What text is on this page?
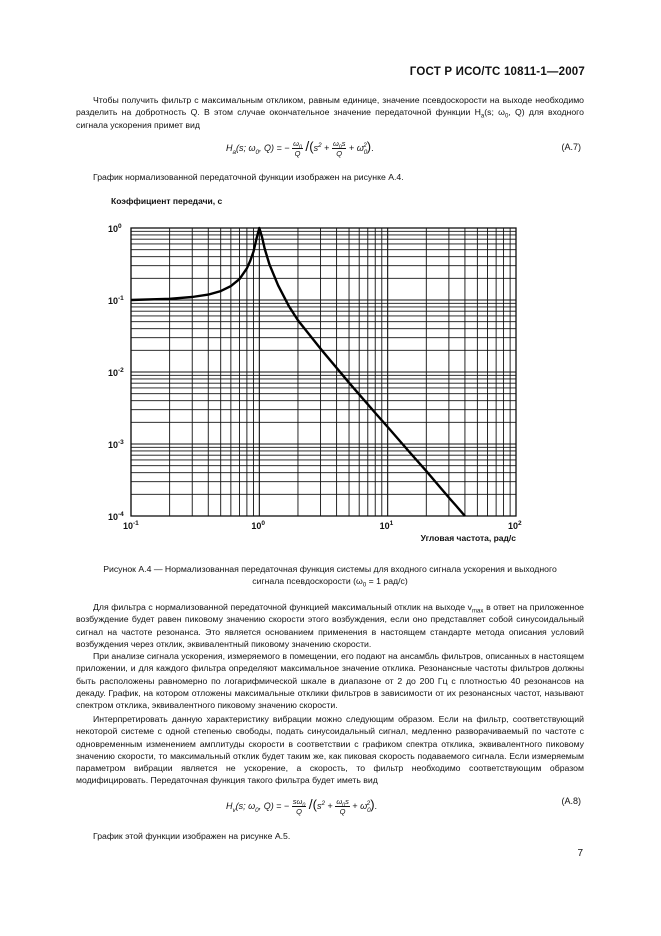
ГОСТ Р ИСО/ТС 10811-1—2007
Чтобы получить фильтр с максимальным откликом, равным единице, значение псевдоскорости на выходе необходимо разделить на добротность Q. В этом случае окончательное значение передаточной функции $H_a(s$; $\omega_0$, Q) для входного сигнала ускорения примет вид
$H_a(s$; $\omega_0$, Q) = − $\frac{\omega_0}{Q} /(s^2 + \frac{\omega_0s}{Q} + \omega_0^2)$.	(А.7)
График нормализованной передаточной функции изображен на рисунке А.4.
$10^{-1}$	$10^0$	$10^1$	$10^2$
$10^0$
$10^{-1}$
$10^{-2}$
$10^{-3}$
$10^{-4}$
Коэффициент передачи, с
Угловая частота, рад/с
Рисунок А.4 — Нормализованная передаточная функция системы для входного сигнала ускорения и выходного
сигнала псевдоскорости ($\omega_0 = 1$ рад/с)
Для фильтра с нормализованной передаточной функцией максимальный отклик на выходе $v_{max}$ в ответ на приложенное возбуждение будет равен пиковому значению скорости этого возбуждения, если оно представляет собой синусоидальный сигнал на частоте резонанса. Это является основанием применения в настоящем стандарте метода описания условий возбуждения через отклик, эквивалентный пиковому значению скорости.
При анализе сигнала ускорения, измеряемого в помещении, его подают на ансамбль фильтров, описанных в настоящем приложении, и для каждого фильтра определяют максимальное значение отклика. Резонансные частоты фильтров должны быть расположены равномерно по логарифмической шкале в диапазоне от 2 до 200 Гц с плотностью 40 резонансов на декаду. График, на котором отложены максимальные отклики фильтров в зависимости от их резонансных частот, называют спектром отклика, эквивалентного пиковому значению скорости.
Интерпретировать данную характеристику вибрации можно следующим образом. Если на фильтр, соответствующий некоторой системе с одной степенью свободы, подать синусоидальный сигнал, медленно разворачиваемый по частоте с одновременным изменением амплитуды скорости в соответствии с графиком спектра отклика, эквивалентного пиковому значению скорости, то максимальный отклик будет таким же, как пиковая скорость подаваемого сигнала. Если измеряемым параметром вибрации является не ускорение, а скорость, то фильтр необходимо соответствующим образом модифицировать. Передаточная функция такого фильтра будет иметь вид
$H_v(s$; $\omega_0$, Q) = − $\frac{s\omega_0}{Q} /(s^2 + \frac{\omega_0s}{Q} + \omega_0^2)$.	(А.8)
График этой функции изображен на рисунке А.5.
7
